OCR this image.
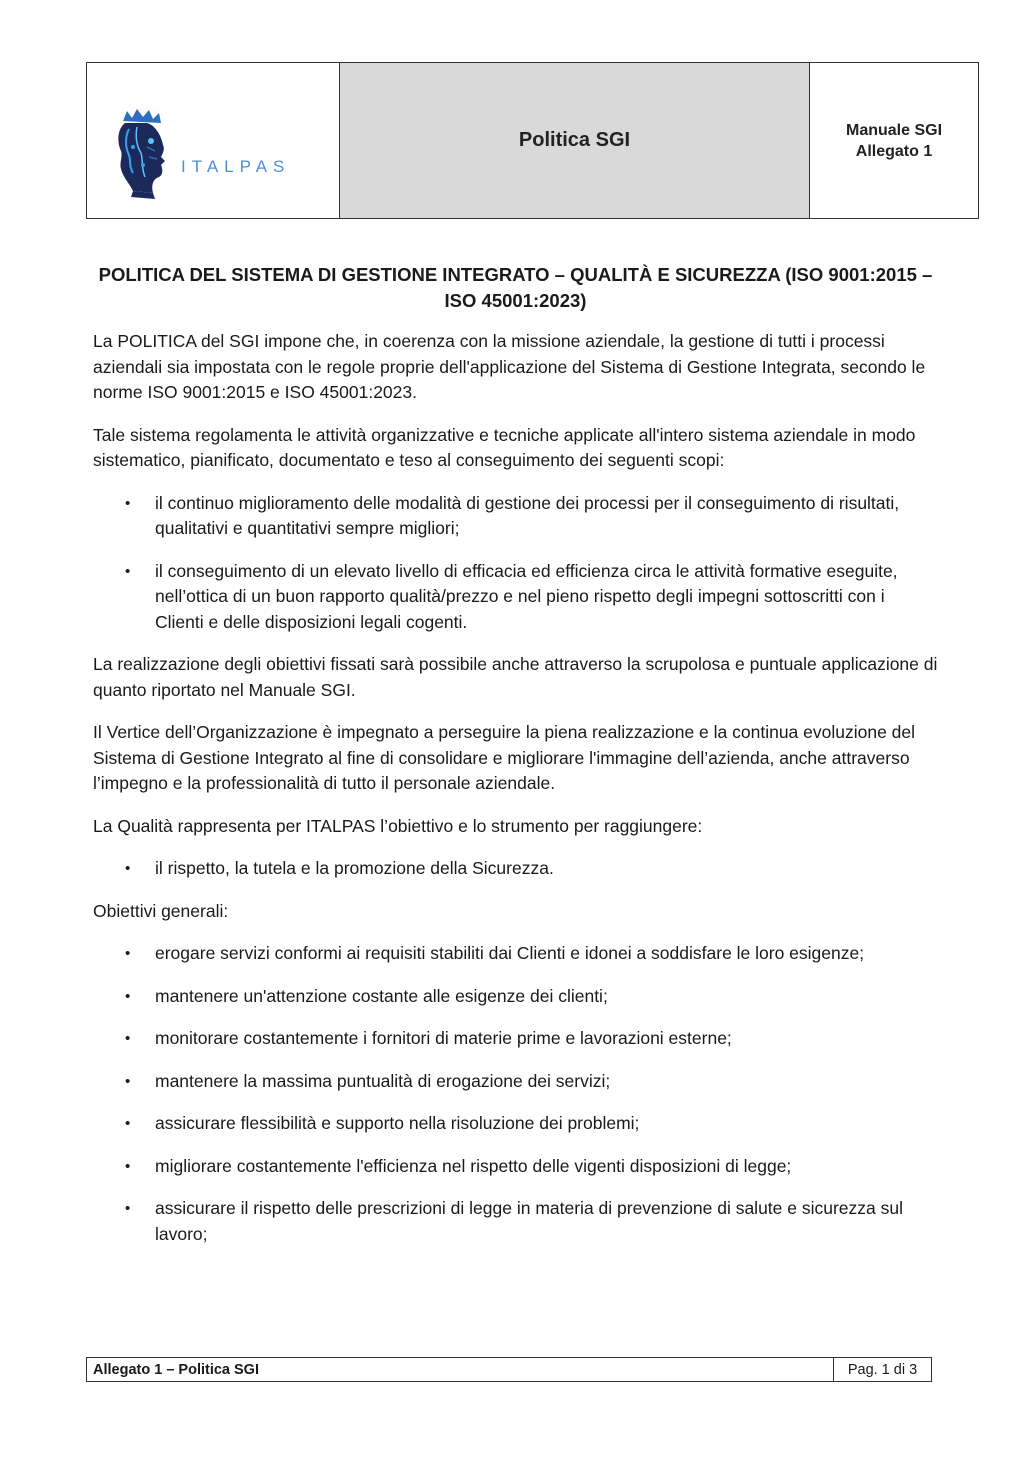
ITALPAS
Politica SGI	Manuale SGI
Allegato 1
POLITICA DEL SISTEMA DI GESTIONE INTEGRATO – QUALITÀ E SICUREZZA (ISO 9001:2015 – ISO 45001:2023)

La POLITICA del SGI impone che, in coerenza con la missione aziendale, la gestione di tutti i processi aziendali sia impostata con le regole proprie dell'applicazione del Sistema di Gestione Integrata, secondo le norme ISO 9001:2015 e ISO 45001:2023.

Tale sistema regolamenta le attività organizzative e tecniche applicate all'intero sistema aziendale in modo sistematico, pianificato, documentato e teso al conseguimento dei seguenti scopi:

• il continuo miglioramento delle modalità di gestione dei processi per il conseguimento di risultati, qualitativi e quantitativi sempre migliori;
• il conseguimento di un elevato livello di efficacia ed efficienza circa le attività formative eseguite, nell’ottica di un buon rapporto qualità/prezzo e nel pieno rispetto degli impegni sottoscritti con i Clienti e delle disposizioni legali cogenti.

La realizzazione degli obiettivi fissati sarà possibile anche attraverso la scrupolosa e puntuale applicazione di quanto riportato nel Manuale SGI.

Il Vertice dell’Organizzazione è impegnato a perseguire la piena realizzazione e la continua evoluzione del Sistema di Gestione Integrato al fine di consolidare e migliorare l'immagine dell’azienda, anche attraverso l’impegno e la professionalità di tutto il personale aziendale.

La Qualità rappresenta per ITALPAS l’obiettivo e lo strumento per raggiungere:

• il rispetto, la tutela e la promozione della Sicurezza.

Obiettivi generali:

• erogare servizi conformi ai requisiti stabiliti dai Clienti e idonei a soddisfare le loro esigenze;
• mantenere un'attenzione costante alle esigenze dei clienti;
• monitorare costantemente i fornitori di materie prime e lavorazioni esterne;
• mantenere la massima puntualità di erogazione dei servizi;
• assicurare flessibilità e supporto nella risoluzione dei problemi;
• migliorare costantemente l'efficienza nel rispetto delle vigenti disposizioni di legge;
• assicurare il rispetto delle prescrizioni di legge in materia di prevenzione di salute e sicurezza sul lavoro;
Allegato 1 – Politica SGI	Pag. 1 di 3
